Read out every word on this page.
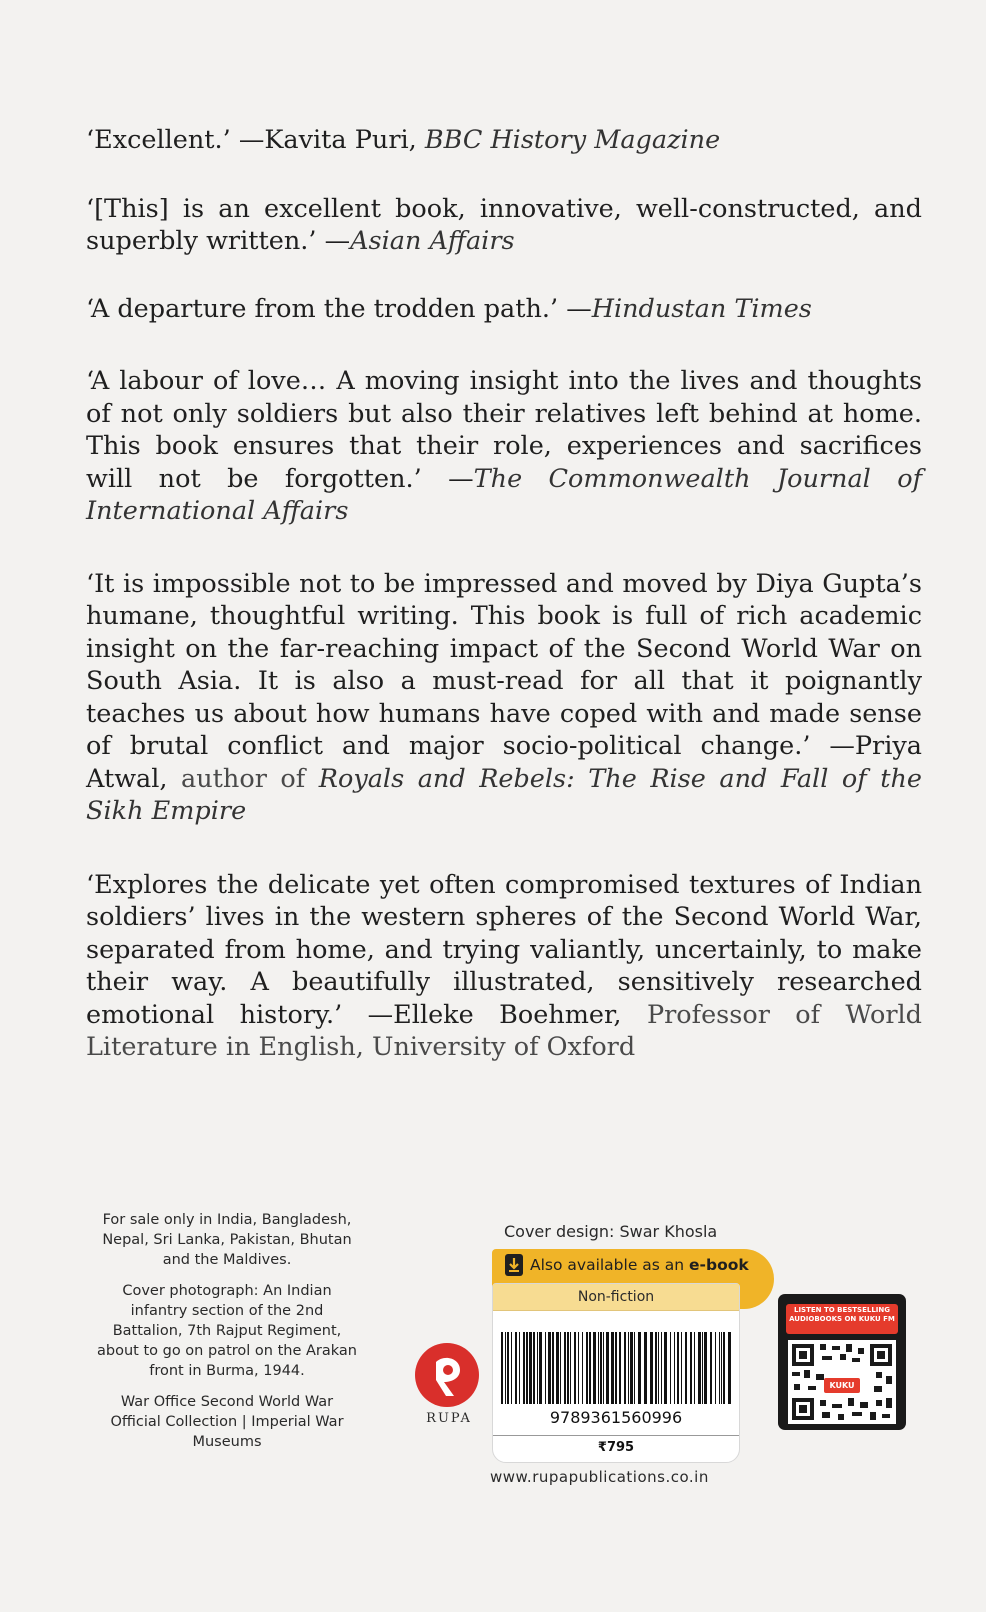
‘Excellent.’ —Kavita Puri, BBC History Magazine

‘[This] is an excellent book, innovative, well-constructed, and superbly written.’ —Asian Affairs

‘A departure from the trodden path.’ —Hindustan Times

‘A labour of love… A moving insight into the lives and thoughts of not only soldiers but also their relatives left behind at home. This book ensures that their role, experiences and sacrifices will not be forgotten.’ —The Commonwealth Journal of International Affairs

‘It is impossible not to be impressed and moved by Diya Gupta’s humane, thoughtful writing. This book is full of rich academic insight on the far-reaching impact of the Second World War on South Asia. It is also a must-read for all that it poignantly teaches us about how humans have coped with and made sense of brutal conflict and major socio-political change.’ —Priya Atwal, author of Royals and Rebels: The Rise and Fall of the Sikh Empire

‘Explores the delicate yet often compromised textures of Indian soldiers’ lives in the western spheres of the Second World War, separated from home, and trying valiantly, uncertainly, to make their way. A beautifully illustrated, sensitively researched emotional history.’ —Elleke Boehmer, Professor of World Literature in English, University of Oxford

For sale only in India, Bangladesh, Nepal, Sri Lanka, Pakistan, Bhutan and the Maldives.

Cover photograph: An Indian infantry section of the 2nd Battalion, 7th Rajput Regiment, about to go on patrol on the Arakan front in Burma, 1944.

War Office Second World War Official Collection | Imperial War Museums

Cover design: Swar Khosla
Also available as an e-book
Non-fiction
9789361560996
₹795
www.rupapublications.co.in
RUPA
LISTEN TO BESTSELLING AUDIOBOOKS ON KUKU FM
KUKU FM
